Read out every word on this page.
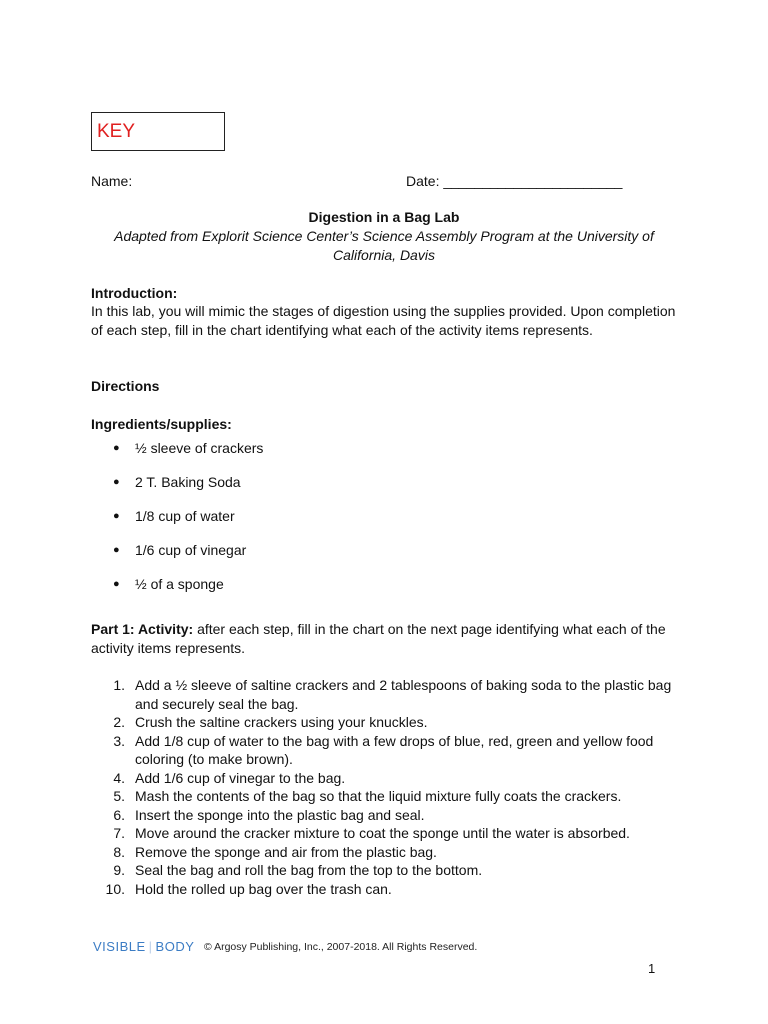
KEY
Name:	Date: _______________________
Digestion in a Bag Lab
Adapted from Explorit Science Center’s Science Assembly Program at the University of California, Davis
Introduction:
In this lab, you will mimic the stages of digestion using the supplies provided. Upon completion of each step, fill in the chart identifying what each of the activity items represents.
Directions
Ingredients/supplies:
● ½ sleeve of crackers
● 2 T. Baking Soda
● 1/8 cup of water
● 1/6 cup of vinegar
● ½ of a sponge
Part 1: Activity: after each step, fill in the chart on the next page identifying what each of the activity items represents.
1. Add a ½ sleeve of saltine crackers and 2 tablespoons of baking soda to the plastic bag and securely seal the bag.
2. Crush the saltine crackers using your knuckles.
3. Add 1/8 cup of water to the bag with a few drops of blue, red, green and yellow food coloring (to make brown).
4. Add 1/6 cup of vinegar to the bag.
5. Mash the contents of the bag so that the liquid mixture fully coats the crackers.
6. Insert the sponge into the plastic bag and seal.
7. Move around the cracker mixture to coat the sponge until the water is absorbed.
8. Remove the sponge and air from the plastic bag.
9. Seal the bag and roll the bag from the top to the bottom.
10. Hold the rolled up bag over the trash can.
VISIBLE | BODY © Argosy Publishing, Inc., 2007-2018. All Rights Reserved.
1
